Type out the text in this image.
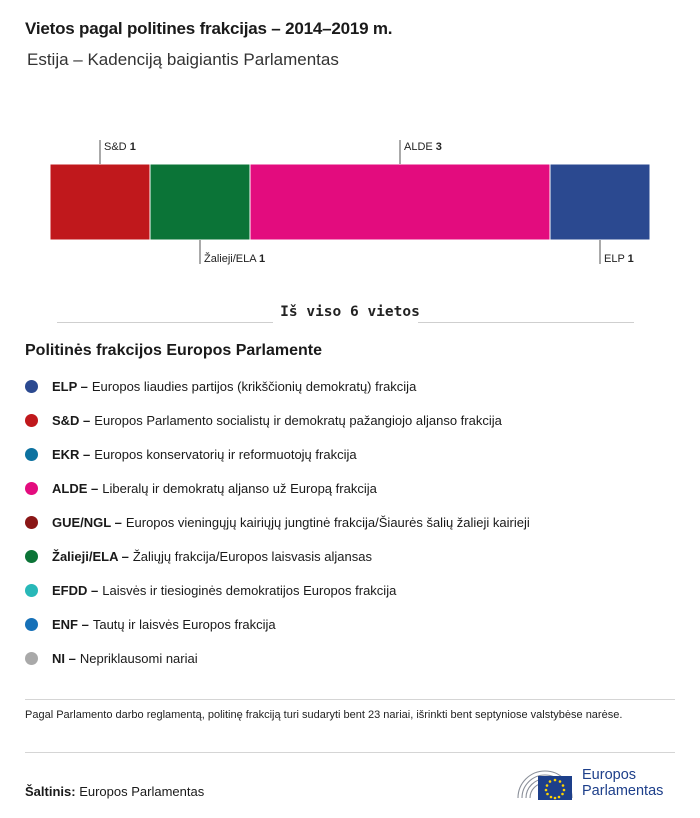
Vietos pagal politines frakcijas – 2014–2019 m.
Estija – Kadenciją baigiantis Parlamentas
S&D 1
Žalieji/ELA 1
ALDE 3
ELP 1
Iš viso 6 vietos
Politinės frakcijos Europos Parlamente
ELP – Europos liaudies partijos (krikščionių demokratų) frakcija
S&D – Europos Parlamento socialistų ir demokratų pažangiojo aljanso frakcija
EKR – Europos konservatorių ir reformuotojų frakcija
ALDE – Liberalų ir demokratų aljanso už Europą frakcija
GUE/NGL – Europos vieningųjų kairiųjų jungtinė frakcija/Šiaurės šalių žalieji kairieji
Žalieji/ELA – Žaliųjų frakcija/Europos laisvasis aljansas
EFDD – Laisvės ir tiesioginės demokratijos Europos frakcija
ENF – Tautų ir laisvės Europos frakcija
NI – Nepriklausomi nariai
Pagal Parlamento darbo reglamentą, politinę frakciją turi sudaryti bent 23 nariai, išrinkti bent septyniose valstybėse narėse.
Šaltinis: Europos Parlamentas
Europos
Parlamentas
